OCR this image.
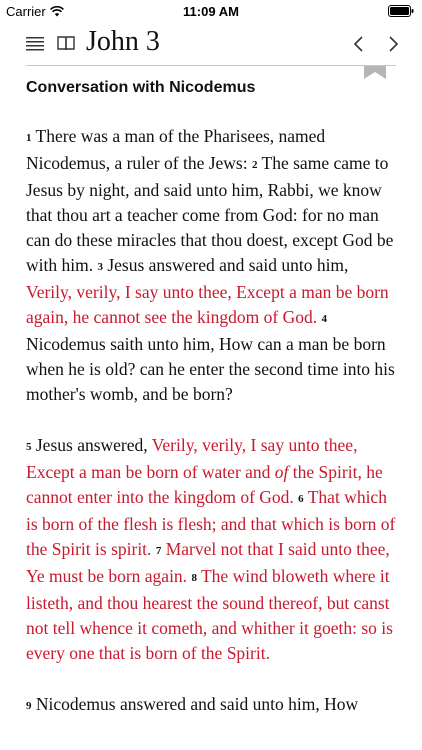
Carrier	11:09 AM
John 3
Conversation with Nicodemus

1 There was a man of the Pharisees, named Nicodemus, a ruler of the Jews: 2 The same came to Jesus by night, and said unto him, Rabbi, we know that thou art a teacher come from God: for no man can do these miracles that thou doest, except God be with him. 3 Jesus answered and said unto him, Verily, verily, I say unto thee, Except a man be born again, he cannot see the kingdom of God. 4 Nicodemus saith unto him, How can a man be born when he is old? can he enter the second time into his mother's womb, and be born?

5 Jesus answered, Verily, verily, I say unto thee, Except a man be born of water and of the Spirit, he cannot enter into the kingdom of God. 6 That which is born of the flesh is flesh; and that which is born of the Spirit is spirit. 7 Marvel not that I said unto thee, Ye must be born again. 8 The wind bloweth where it listeth, and thou hearest the sound thereof, but canst not tell whence it cometh, and whither it goeth: so is every one that is born of the Spirit.

9 Nicodemus answered and said unto him, How
